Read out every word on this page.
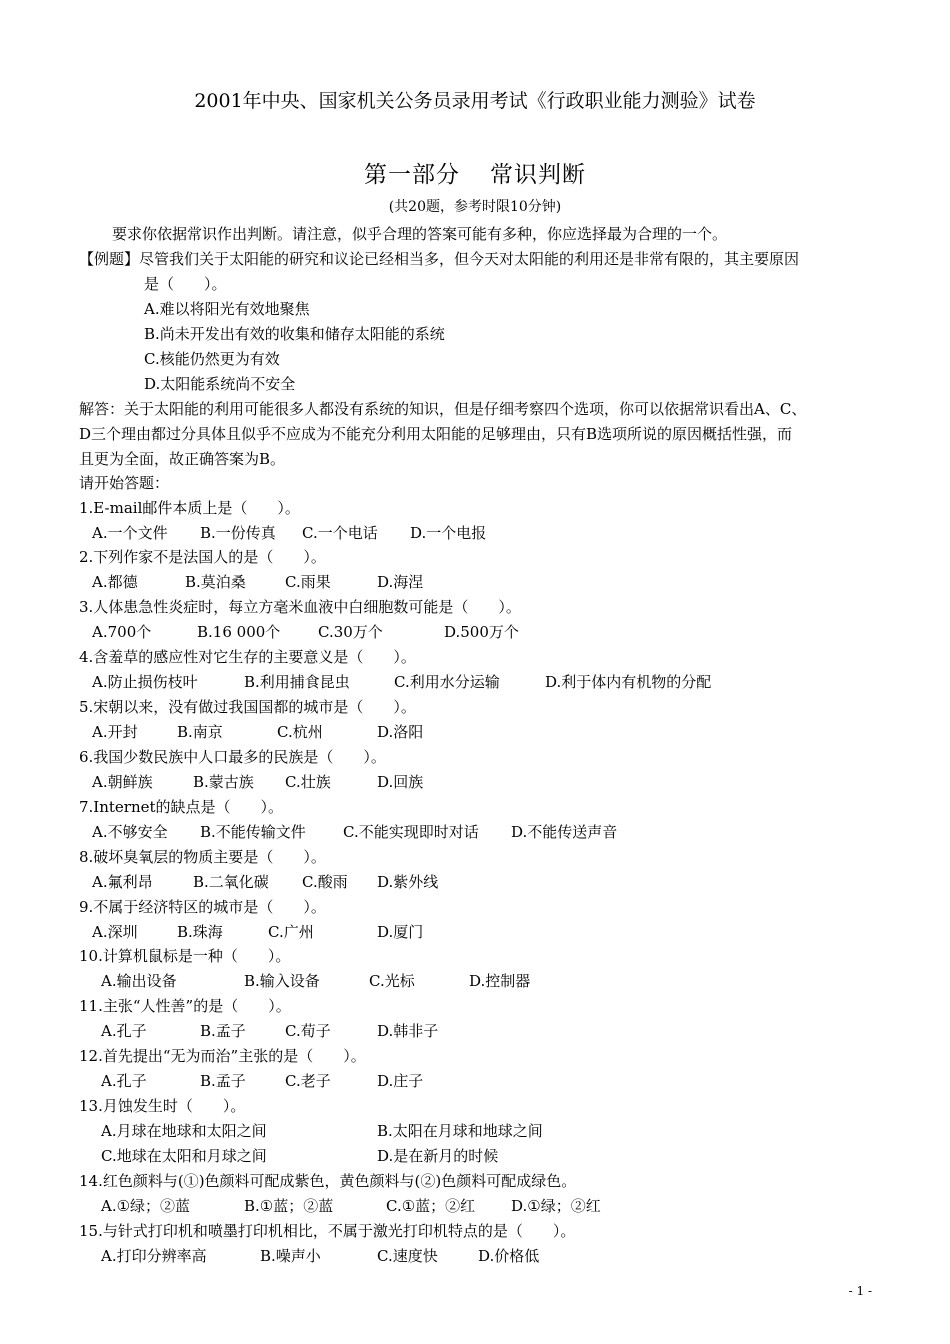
2001年中央、国家机关公务员录用考试《行政职业能力测验》试卷
第一部分 常识判断
(共20题，参考时限10分钟)
要求你依据常识作出判断。请注意，似乎合理的答案可能有多种，你应选择最为合理的一个。
【例题】尽管我们关于太阳能的研究和议论已经相当多，但今天对太阳能的利用还是非常有限的，其主要原因
是（　　）。
A.难以将阳光有效地聚焦
B.尚未开发出有效的收集和储存太阳能的系统
C.核能仍然更为有效
D.太阳能系统尚不安全
解答：关于太阳能的利用可能很多人都没有系统的知识，但是仔细考察四个选项，你可以依据常识看出A、C、
D三个理由都过分具体且似乎不应成为不能充分利用太阳能的足够理由，只有B选项所说的原因概括性强，而
且更为全面，故正确答案为B。
请开始答题：
1.E-mail邮件本质上是（　　）。
A.一个文件 B.一份传真 C.一个电话 D.一个电报
2.下列作家不是法国人的是（　　）。
A.都德	B.莫泊桑	C.雨果	D.海涅
3.人体患急性炎症时，每立方毫米血液中白细胞数可能是（　　）。
A.700个	B.16 000个	C.30万个	D.500万个
4.含羞草的感应性对它生存的主要意义是（　　）。
A.防止损伤枝叶	B.利用捕食昆虫	C.利用水分运输	D.利于体内有机物的分配
5.宋朝以来，没有做过我国国都的城市是（　　）。
A.开封	B.南京	C.杭州	D.洛阳
6.我国少数民族中人口最多的民族是（　　）。
A.朝鲜族	B.蒙古族 C.壮族	D.回族
7.Internet的缺点是（　　）。
A.不够安全 B.不能传输文件 C.不能实现即时对话 D.不能传送声音
8.破坏臭氧层的物质主要是（　　）。
A.氟利昂	B.二氧化碳 C.酸雨 D.紫外线
9.不属于经济特区的城市是（　　）。
A.深圳	B.珠海	C.广州	D.厦门
10.计算机鼠标是一种（　　）。
A.输出设备	B.输入设备	C.光标	D.控制器
11.主张“人性善”的是（　　）。
A.孔子	B.孟子	C.荀子	D.韩非子
12.首先提出“无为而治”主张的是（　　）。
A.孔子	B.孟子	C.老子	D.庄子
13.月蚀发生时（　　）。
A.月球在地球和太阳之间	B.太阳在月球和地球之间
C.地球在太阳和月球之间	D.是在新月的时候
14.红色颜料与(①)色颜料可配成紫色，黄色颜料与(②)色颜料可配成绿色。
A.①绿；②蓝	B.①蓝；②蓝	C.①蓝；②红 D.①绿；②红
15.与针式打印机和喷墨打印机相比，不属于激光打印机特点的是（　　）。
A.打印分辨率高	B.噪声小	C.速度快	D.价格低
- 1 -
